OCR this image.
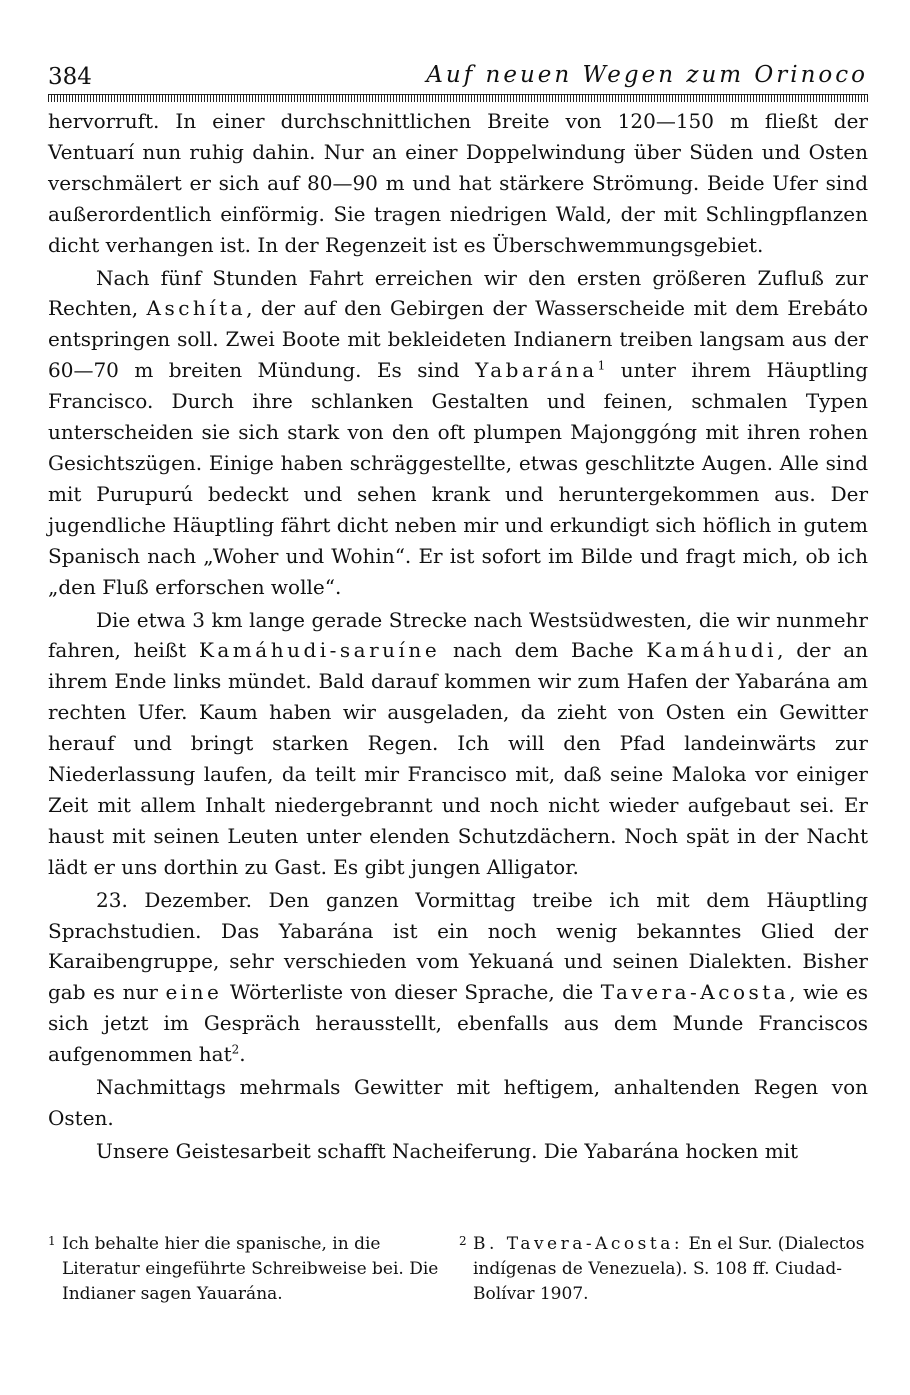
384	Auf neuen Wegen zum Orinoco

hervorruft. In einer durchschnittlichen Breite von 120—150 m fließt der Ventuarí nun ruhig dahin. Nur an einer Doppelwindung über Süden und Osten verschmälert er sich auf 80—90 m und hat stärkere Strömung. Beide Ufer sind außerordentlich einförmig. Sie tragen niedrigen Wald, der mit Schlingpflanzen dicht verhangen ist. In der Regenzeit ist es Überschwemmungsgebiet.

Nach fünf Stunden Fahrt erreichen wir den ersten größeren Zufluß zur Rechten, Aschíta, der auf den Gebirgen der Wasserscheide mit dem Erebáto entspringen soll. Zwei Boote mit bekleideten Indianern treiben langsam aus der 60—70 m breiten Mündung. Es sind Yabarána$^1$ unter ihrem Häuptling Francisco. Durch ihre schlanken Gestalten und feinen, schmalen Typen unterscheiden sie sich stark von den oft plumpen Majonggóng mit ihren rohen Gesichtszügen. Einige haben schräggestellte, etwas geschlitzte Augen. Alle sind mit Purupurú bedeckt und sehen krank und heruntergekommen aus. Der jugendliche Häuptling fährt dicht neben mir und erkundigt sich höflich in gutem Spanisch nach „Woher und Wohin“. Er ist sofort im Bilde und fragt mich, ob ich „den Fluß erforschen wolle“.

Die etwa 3 km lange gerade Strecke nach Westsüdwesten, die wir nunmehr fahren, heißt Kamáhudi-saruíne nach dem Bache Kamáhudi, der an ihrem Ende links mündet. Bald darauf kommen wir zum Hafen der Yabarána am rechten Ufer. Kaum haben wir ausgeladen, da zieht von Osten ein Gewitter herauf und bringt starken Regen. Ich will den Pfad landeinwärts zur Niederlassung laufen, da teilt mir Francisco mit, daß seine Maloka vor einiger Zeit mit allem Inhalt niedergebrannt und noch nicht wieder aufgebaut sei. Er haust mit seinen Leuten unter elenden Schutzdächern. Noch spät in der Nacht lädt er uns dorthin zu Gast. Es gibt jungen Alligator.

23. Dezember. Den ganzen Vormittag treibe ich mit dem Häuptling Sprachstudien. Das Yabarána ist ein noch wenig bekanntes Glied der Karaibengruppe, sehr verschieden vom Yekuaná und seinen Dialekten. Bisher gab es nur eine Wörterliste von dieser Sprache, die Tavera-Acosta, wie es sich jetzt im Gespräch herausstellt, ebenfalls aus dem Munde Franciscos aufgenommen hat$^2$.

Nachmittags mehrmals Gewitter mit heftigem, anhaltenden Regen von Osten.

Unsere Geistesarbeit schafft Nacheiferung. Die Yabarána hocken mit

1 Ich behalte hier die spanische, in die Literatur eingeführte Schreibweise bei. Die Indianer sagen Yauarána.
2 B. Tavera-Acosta: En el Sur. (Dialectos indígenas de Venezuela). S. 108 ff. Ciudad-Bolívar 1907.
